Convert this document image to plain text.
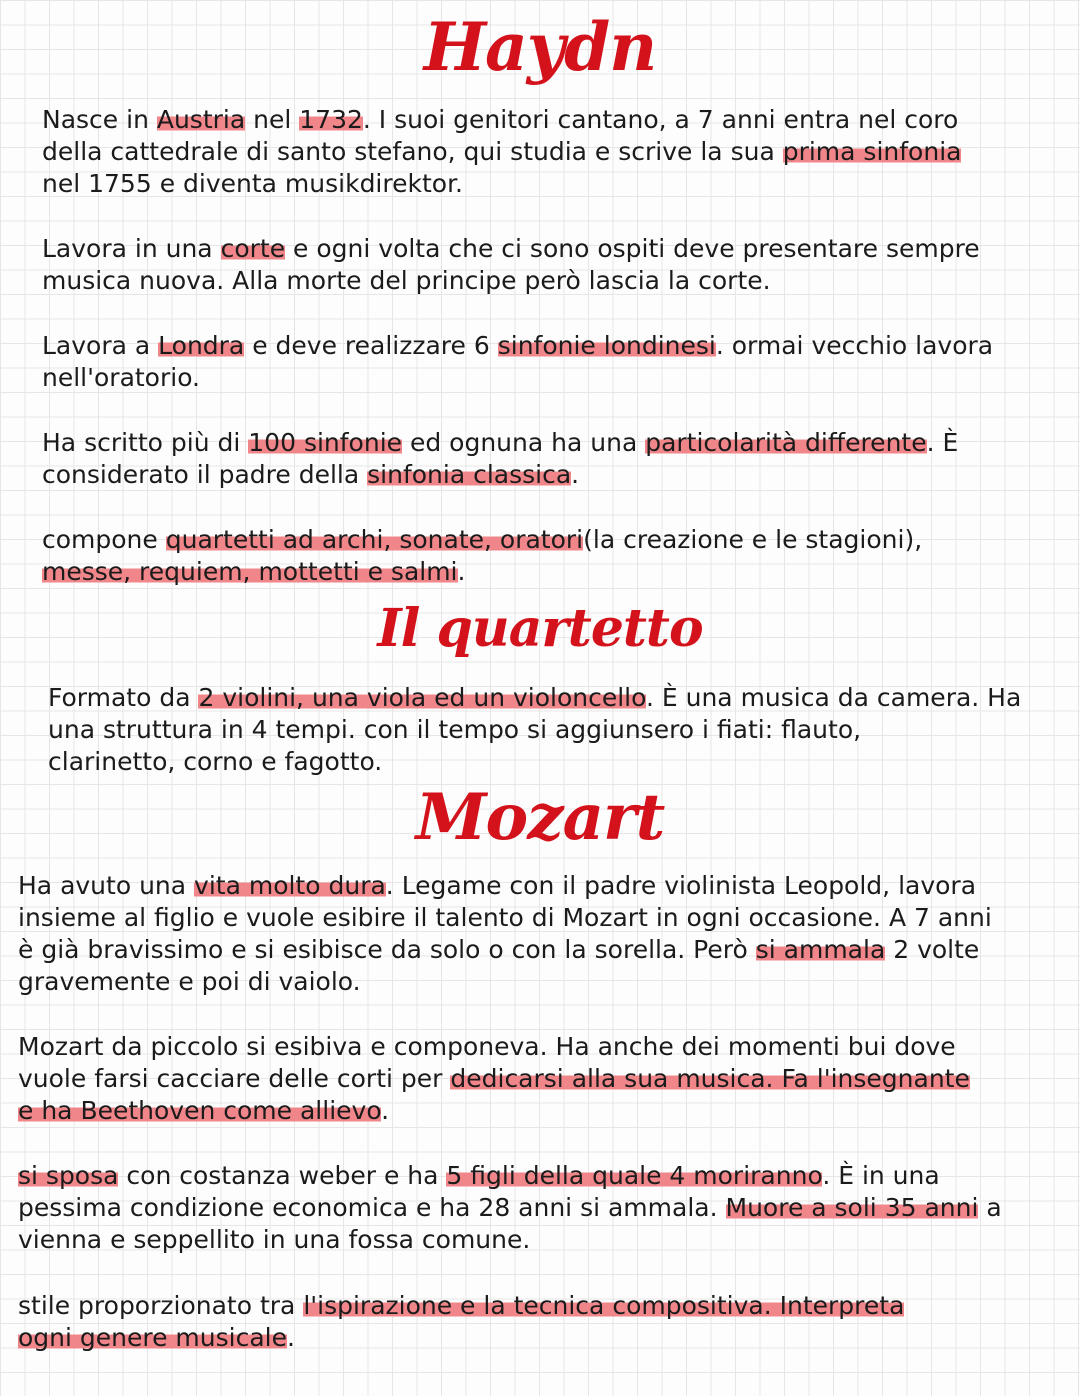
Haydn
Nasce in Austria nel 1732. I suoi genitori cantano, a 7 anni entra nel coro
della cattedrale di santo stefano, qui studia e scrive la sua prima sinfonia
nel 1755 e diventa musikdirektor.
Lavora in una corte e ogni volta che ci sono ospiti deve presentare sempre
musica nuova. Alla morte del principe però lascia la corte.
Lavora a Londra e deve realizzare 6 sinfonie londinesi. ormai vecchio lavora
nell'oratorio.
Ha scritto più di 100 sinfonie ed ognuna ha una particolarità differente. È
considerato il padre della sinfonia classica.
compone quartetti ad archi, sonate, oratori(la creazione e le stagioni),
messe, requiem, mottetti e salmi.
Il quartetto
Formato da 2 violini, una viola ed un violoncello. È una musica da camera. Ha
una struttura in 4 tempi. con il tempo si aggiunsero i fiati: flauto,
clarinetto, corno e fagotto.
Mozart
Ha avuto una vita molto dura. Legame con il padre violinista Leopold, lavora
insieme al figlio e vuole esibire il talento di Mozart in ogni occasione. A 7 anni
è già bravissimo e si esibisce da solo o con la sorella. Però si ammala 2 volte
gravemente e poi di vaiolo.
Mozart da piccolo si esibiva e componeva. Ha anche dei momenti bui dove
vuole farsi cacciare delle corti per dedicarsi alla sua musica. Fa l'insegnante
e ha Beethoven come allievo.
si sposa con costanza weber e ha 5 figli della quale 4 moriranno. È in una
pessima condizione economica e ha 28 anni si ammala. Muore a soli 35 anni a
vienna e seppellito in una fossa comune.
stile proporzionato tra l'ispirazione e la tecnica compositiva. Interpreta
ogni genere musicale.
